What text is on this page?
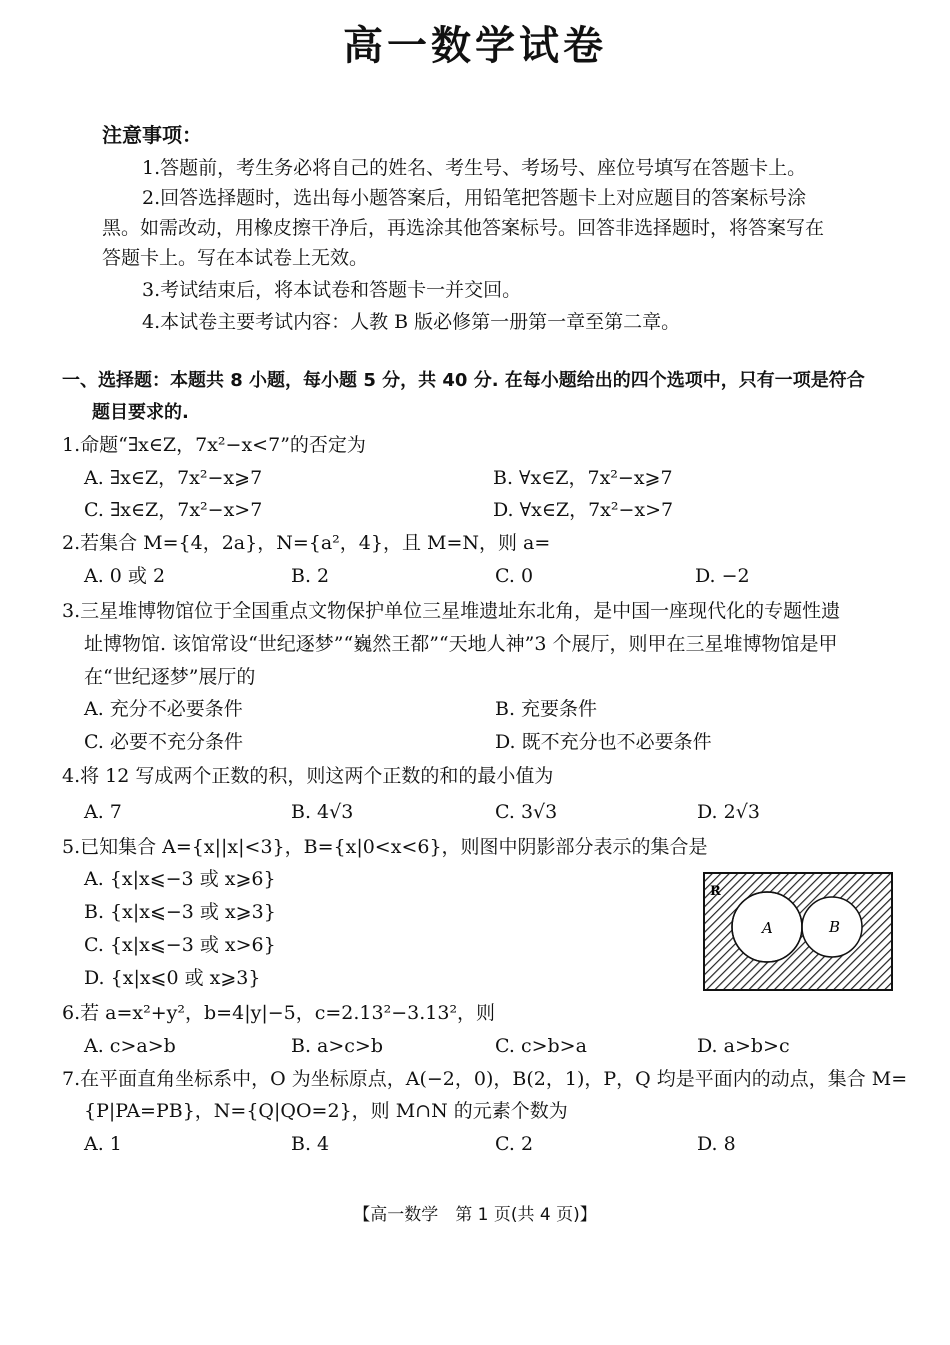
高一数学试卷
注意事项：
1.答题前，考生务必将自己的姓名、考生号、考场号、座位号填写在答题卡上。
2.回答选择题时，选出每小题答案后，用铅笔把答题卡上对应题目的答案标号涂
黑。如需改动，用橡皮擦干净后，再选涂其他答案标号。回答非选择题时，将答案写在
答题卡上。写在本试卷上无效。
3.考试结束后，将本试卷和答题卡一并交回。
4.本试卷主要考试内容：人教 B 版必修第一册第一章至第二章。
一、选择题：本题共 8 小题，每小题 5 分，共 40 分. 在每小题给出的四个选项中，只有一项是符合
题目要求的.
1.命题“∃x∈Z，7x²−x<7”的否定为
A. ∃x∈Z，7x²−x⩾7	B. ∀x∈Z，7x²−x⩾7
C. ∃x∈Z，7x²−x>7	D. ∀x∈Z，7x²−x>7
2.若集合 M={4，2a}，N={a²，4}，且 M=N，则 a=
A. 0 或 2	B. 2	C. 0	D. −2
3.三星堆博物馆位于全国重点文物保护单位三星堆遗址东北角，是中国一座现代化的专题性遗
址博物馆. 该馆常设“世纪逐梦”“巍然王都”“天地人神”3 个展厅，则甲在三星堆博物馆是甲
在“世纪逐梦”展厅的
A. 充分不必要条件	B. 充要条件
C. 必要不充分条件	D. 既不充分也不必要条件
4.将 12 写成两个正数的积，则这两个正数的和的最小值为
A. 7	B. 4√3	C. 3√3	D. 2√3
5.已知集合 A={x||x|<3}，B={x|0<x<6}，则图中阴影部分表示的集合是
A. {x|x⩽−3 或 x⩾6}
B. {x|x⩽−3 或 x⩾3}
C. {x|x⩽−3 或 x>6}
D. {x|x⩽0 或 x⩾3}
R
A	B
6.若 a=x²+y²，b=4|y|−5，c=2.13²−3.13²，则
A. c>a>b	B. a>c>b	C. c>b>a	D. a>b>c
7.在平面直角坐标系中，O 为坐标原点，A(−2，0)，B(2，1)，P，Q 均是平面内的动点，集合 M=
{P|PA=PB}，N={Q|QO=2}，则 M∩N 的元素个数为
A. 1	B. 4	C. 2	D. 8
【高一数学　第 1 页(共 4 页)】
